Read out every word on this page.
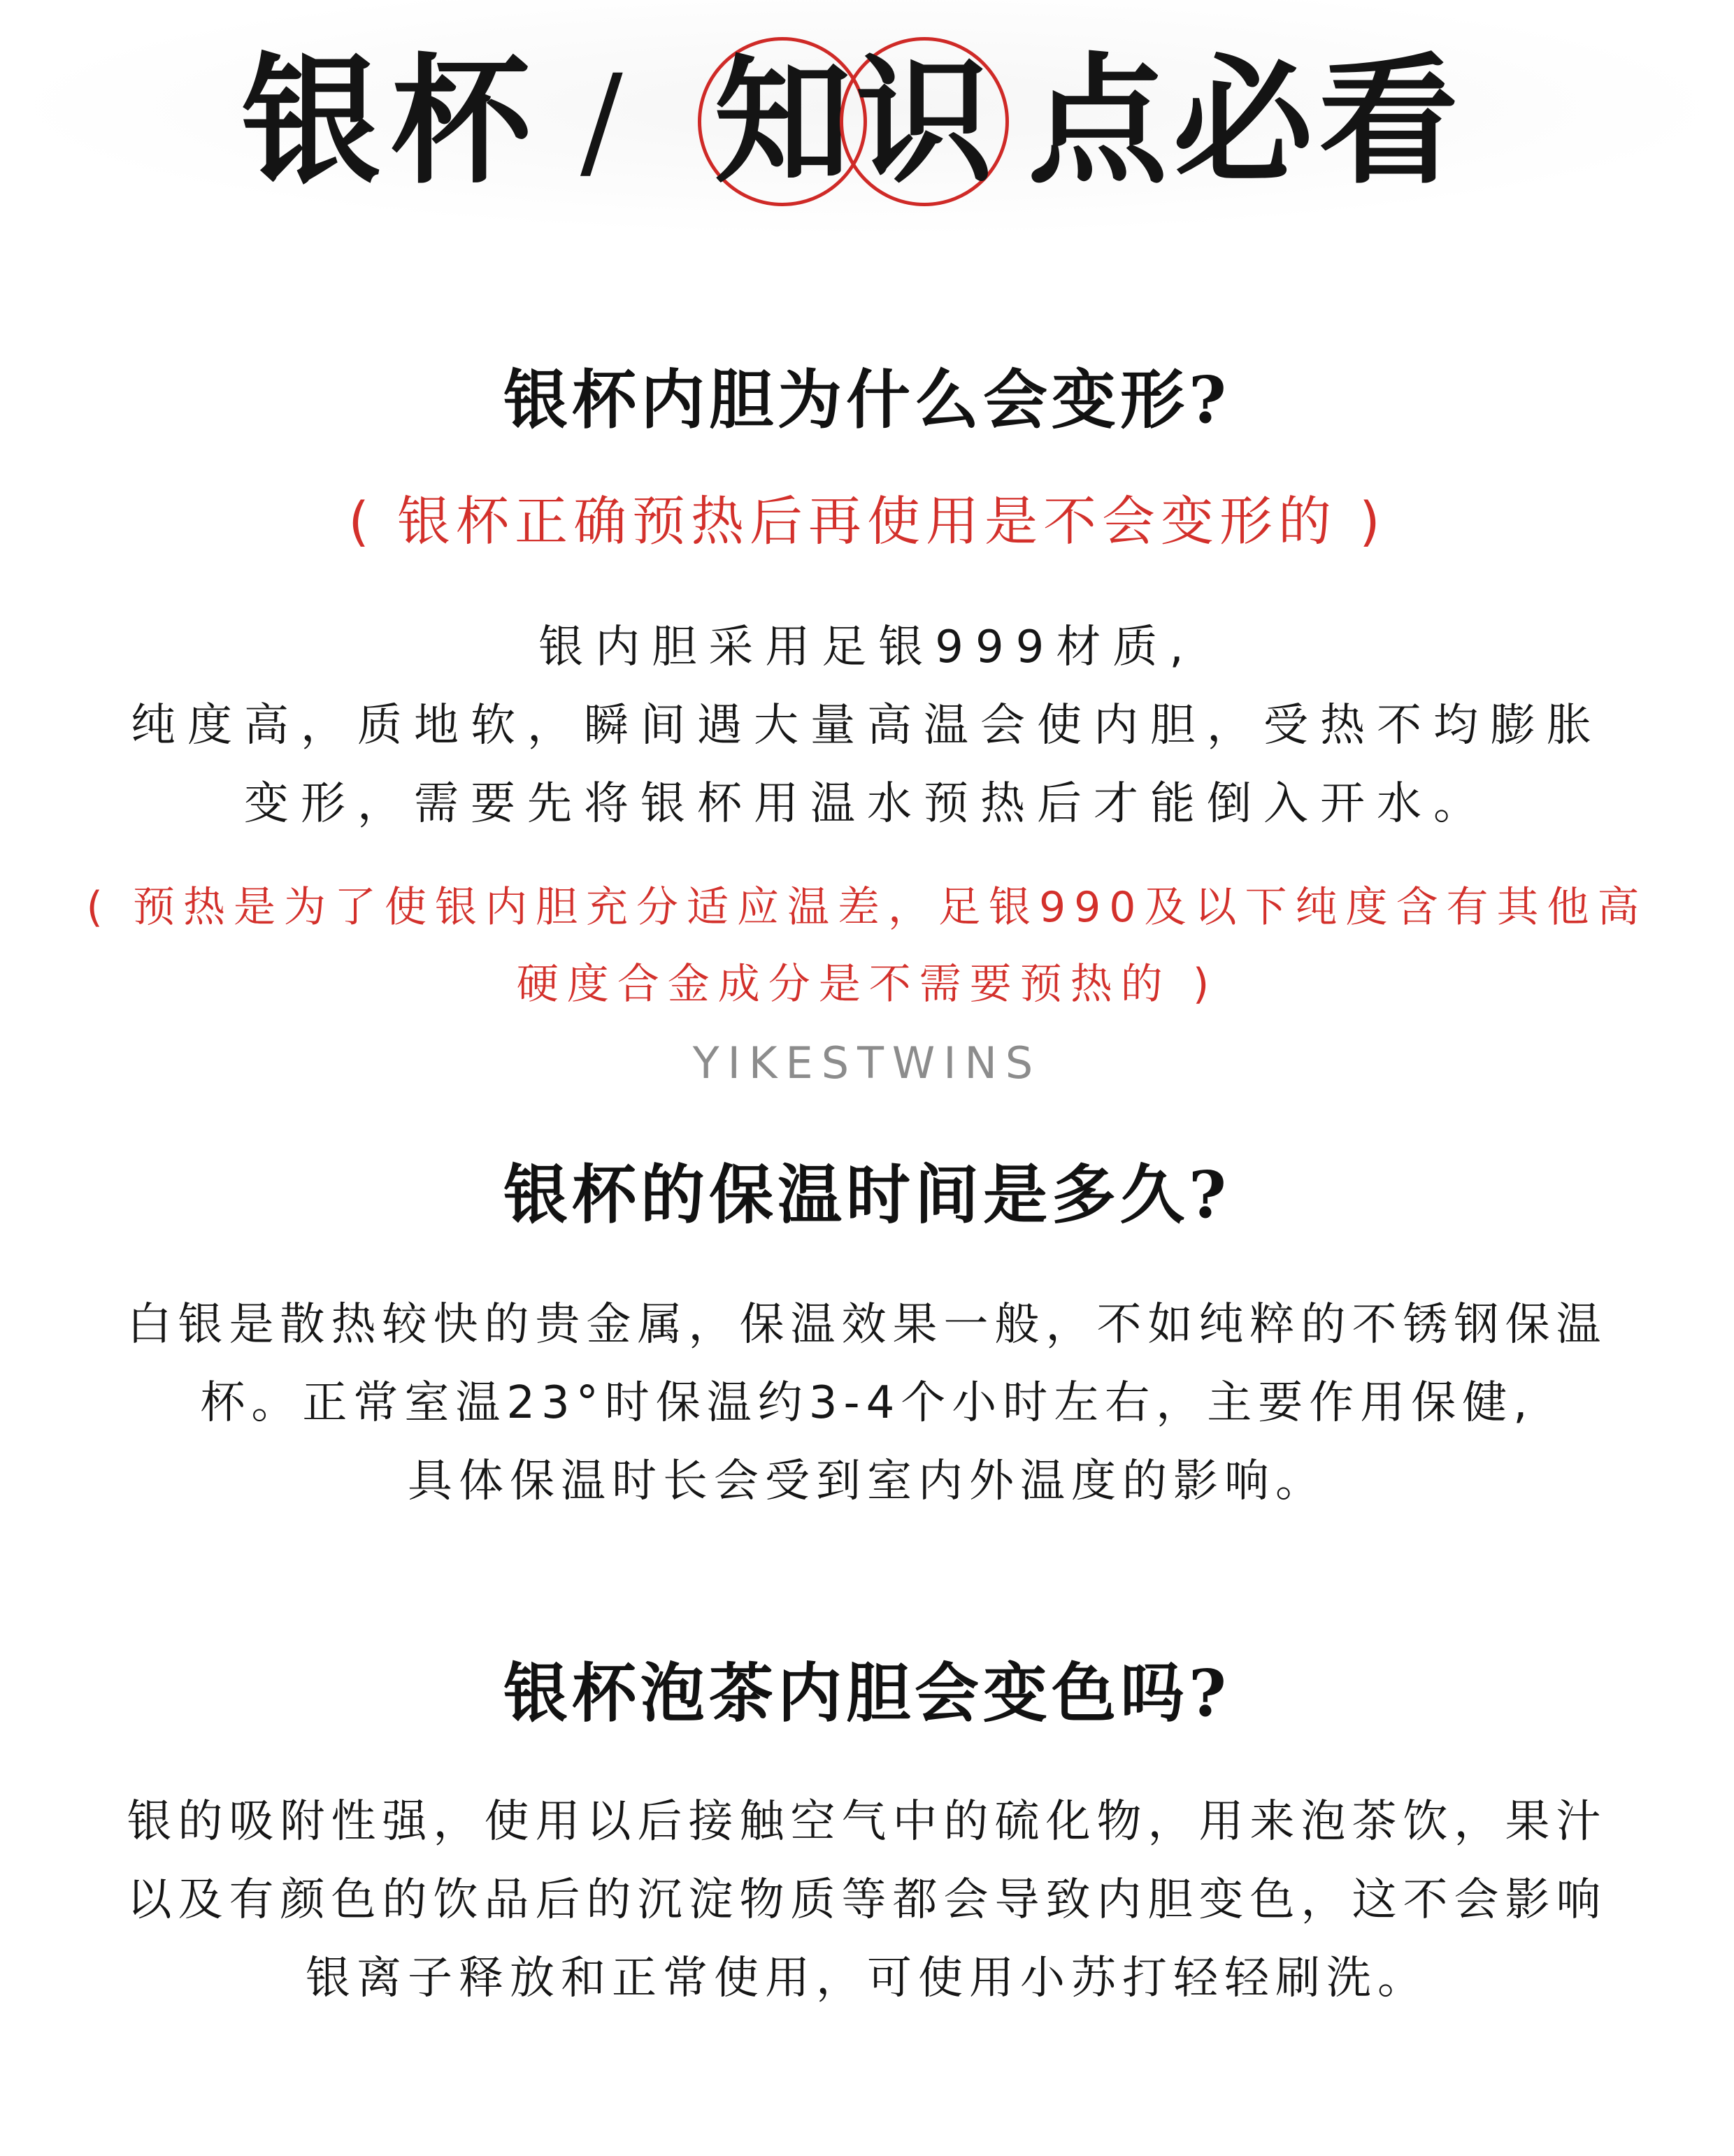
银杯 / 知 识 点必看
银杯内胆为什么会变形?
( 银杯正确预热后再使用是不会变形的 )
银内胆采用足银999材质,
纯度高，质地软，瞬间遇大量高温会使内胆，受热不均膨胀
变形，需要先将银杯用温水预热后才能倒入开水。
( 预热是为了使银内胆充分适应温差，足银990及以下纯度含有其他高
硬度合金成分是不需要预热的 )
YIKESTWINS
银杯的保温时间是多久?
白银是散热较快的贵金属，保温效果一般，不如纯粹的不锈钢保温
杯。正常室温23°时保温约3-4个小时左右，主要作用保健,
具体保温时长会受到室内外温度的影响。
银杯泡茶内胆会变色吗?
银的吸附性强，使用以后接触空气中的硫化物，用来泡茶饮，果汁
以及有颜色的饮品后的沉淀物质等都会导致内胆变色，这不会影响
银离子释放和正常使用，可使用小苏打轻轻刷洗。
